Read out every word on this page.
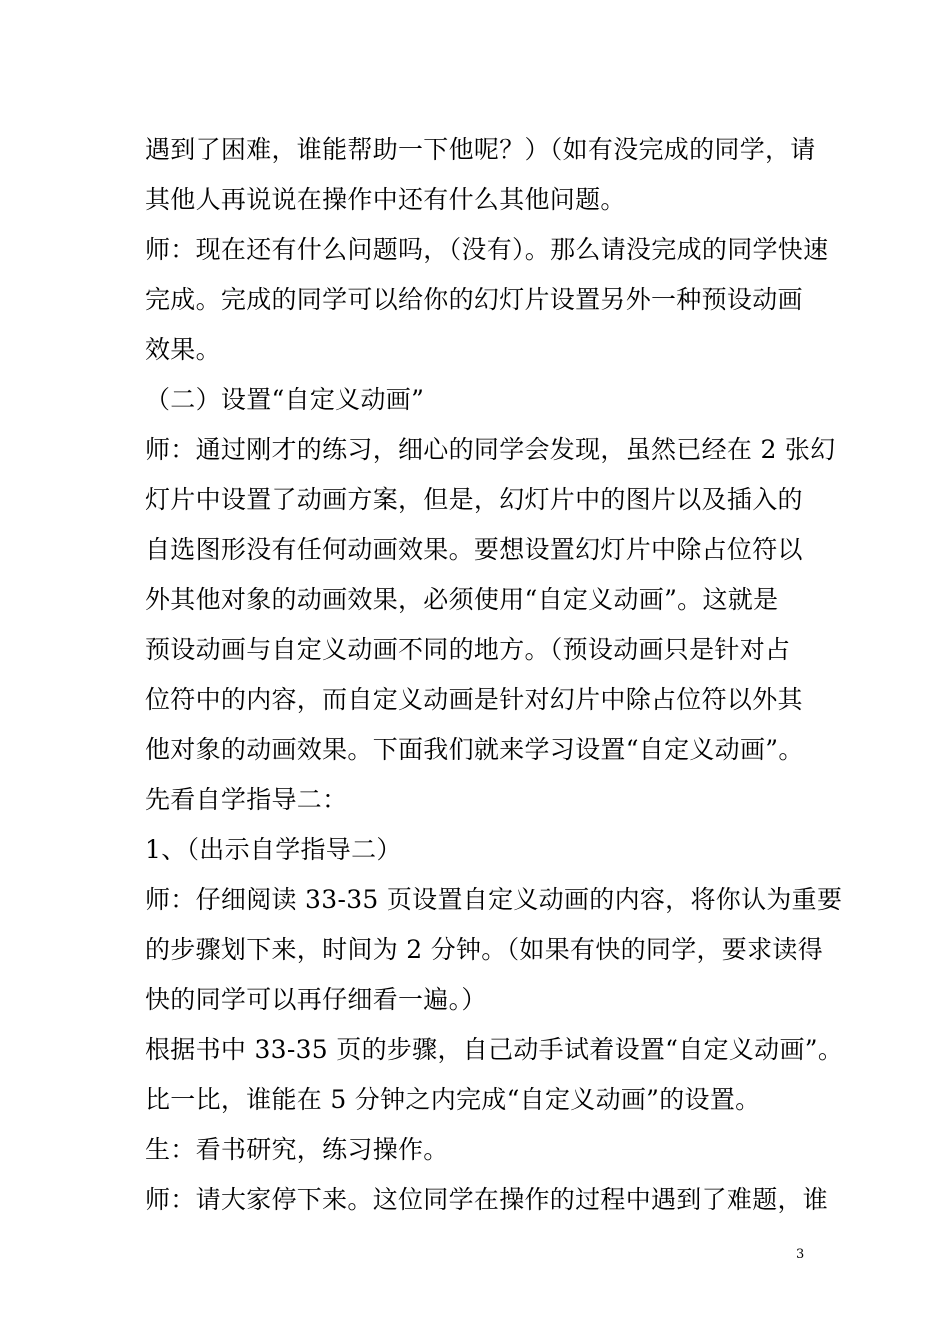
遇到了困难，谁能帮助一下他呢？）（如有没完成的同学，请
其他人再说说在操作中还有什么其他问题。
师：现在还有什么问题吗，（没有）。那么请没完成的同学快速
完成。完成的同学可以给你的幻灯片设置另外一种预设动画
效果。
（二）设置“自定义动画”
师：通过刚才的练习，细心的同学会发现，虽然已经在 2 张幻
灯片中设置了动画方案，但是，幻灯片中的图片以及插入的
自选图形没有任何动画效果。要想设置幻灯片中除占位符以
外其他对象的动画效果，必须使用“自定义动画”。这就是
预设动画与自定义动画不同的地方。（预设动画只是针对占
位符中的内容，而自定义动画是针对幻片中除占位符以外其
他对象的动画效果。下面我们就来学习设置“自定义动画”。
先看自学指导二：
1、（出示自学指导二）
师：仔细阅读 33-35 页设置自定义动画的内容，将你认为重要
的步骤划下来，时间为 2 分钟。（如果有快的同学，要求读得
快的同学可以再仔细看一遍。）
根据书中 33-35 页的步骤，自己动手试着设置“自定义动画”。
比一比，谁能在 5 分钟之内完成“自定义动画”的设置。
生：看书研究，练习操作。
师：请大家停下来。这位同学在操作的过程中遇到了难题，谁
3
